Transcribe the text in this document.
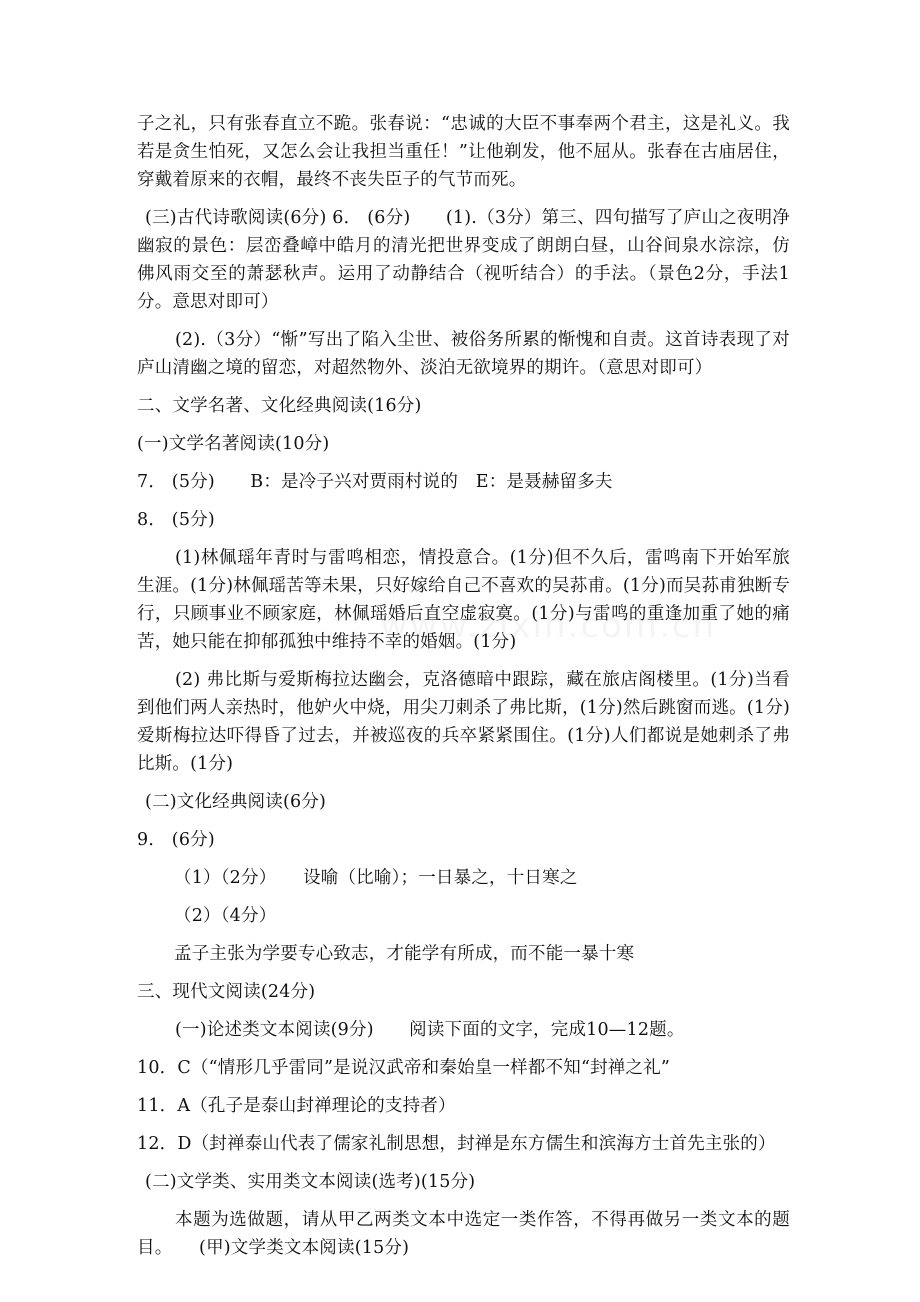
子之礼，只有张春直立不跪。张春说：“忠诚的大臣不事奉两个君主，这是礼义。我若是贪生怕死，又怎么会让我担当重任！”让他剃发，他不屈从。张春在古庙居住，穿戴着原来的衣帽，最终不丧失臣子的气节而死。

(三)古代诗歌阅读(6分) 6． (6分)　　(1).（3分）第三、四句描写了庐山之夜明净幽寂的景色：层峦叠嶂中皓月的清光把世界变成了朗朗白昼，山谷间泉水淙淙，仿佛风雨交至的萧瑟秋声。运用了动静结合（视听结合）的手法。（景色2分，手法1分。意思对即可）

(2).（3分）“惭”写出了陷入尘世、被俗务所累的惭愧和自责。这首诗表现了对庐山清幽之境的留恋，对超然物外、淡泊无欲境界的期许。（意思对即可）

二、文学名著、文化经典阅读(16分)

(一)文学名著阅读(10分)

7． (5分)　　B：是冷子兴对贾雨村说的　E：是聂赫留多夫

8． (5分)

(1)林佩瑶年青时与雷鸣相恋，情投意合。(1分)但不久后，雷鸣南下开始军旅生涯。(1分)林佩瑶苦等未果，只好嫁给自己不喜欢的吴荪甫。(1分)而吴荪甫独断专行，只顾事业不顾家庭，林佩瑶婚后直空虚寂寞。(1分)与雷鸣的重逢加重了她的痛苦，她只能在抑郁孤独中维持不幸的婚姻。(1分)

(2) 弗比斯与爱斯梅拉达幽会，克洛德暗中跟踪，藏在旅店阁楼里。(1分)当看到他们两人亲热时，他妒火中烧，用尖刀刺杀了弗比斯，(1分)然后跳窗而逃。(1分)爱斯梅拉达吓得昏了过去，并被巡夜的兵卒紧紧围住。(1分)人们都说是她刺杀了弗比斯。(1分)

(二)文化经典阅读(6分)

9． (6分)

（1）（2分）　　设喻（比喻）；一日暴之，十日寒之

（2）（4分）

孟子主张为学要专心致志，才能学有所成，而不能一暴十寒

三、现代文阅读(24分)

(一)论述类文本阅读(9分)　　阅读下面的文字，完成10—12题。

10．C（“情形几乎雷同”是说汉武帝和秦始皇一样都不知“封禅之礼”

11．A（孔子是泰山封禅理论的支持者）

12．D（封禅泰山代表了儒家礼制思想，封禅是东方儒生和滨海方士首先主张的）

(二)文学类、实用类文本阅读(选考)(15分)

本题为选做题，请从甲乙两类文本中选定一类作答，不得再做另一类文本的题目。　　(甲)文学类文本阅读(15分)
